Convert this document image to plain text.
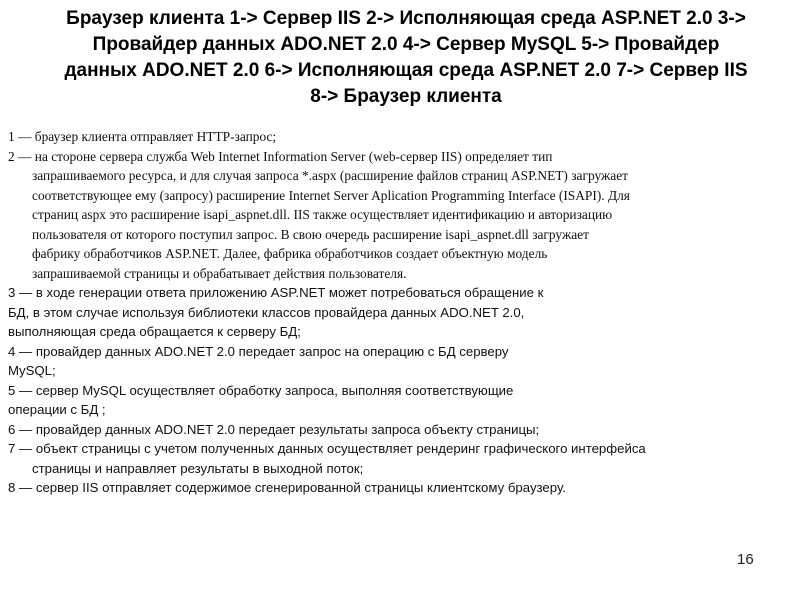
Браузер клиента 1-> Сервер IIS 2-> Исполняющая среда ASP.NET 2.0 3->
Провайдер данных ADO.NET 2.0 4-> Сервер MySQL 5-> Провайдер
данных ADO.NET 2.0 6-> Исполняющая среда ASP.NET 2.0 7-> Сервер IIS
8-> Браузер клиента
1 — браузер клиента отправляет HTTP-запрос;
2 — на стороне сервера служба Web Internet Information Server (web-сервер IIS) определяет тип
запрашиваемого ресурса, и для случая запроса *.aspx (расширение файлов страниц ASP.NET) загружает
соответствующее ему (запросу) расширение Internet Server Aplication Programming Interface (ISAPI). Для
страниц aspx это расширение isapi_aspnet.dll. IIS также осуществляет идентификацию и авторизацию
пользователя от которого поступил запрос. В свою очередь расширение isapi_aspnet.dll загружает
фабрику обработчиков ASP.NET. Далее, фабрика обработчиков создает объектную модель
запрашиваемой страницы и обрабатывает действия пользователя.
3 — в ходе генерации ответа приложению ASP.NET может потребоваться обращение к
БД, в этом случае используя библиотеки классов провайдера данных ADO.NET 2.0,
выполняющая среда обращается к серверу БД;
4 — провайдер данных ADO.NET 2.0 передает запрос на операцию с БД серверу
MySQL;
5 — сервер MySQL осуществляет обработку запроса, выполняя соответствующие
операции с БД ;
6 — провайдер данных ADO.NET 2.0 передает результаты запроса объекту страницы;
7 — объект страницы с учетом полученных данных осуществляет рендеринг графического интерфейса
страницы и направляет результаты в выходной поток;
8 — сервер IIS отправляет содержимое сгенерированной страницы клиентскому браузеру.
16
